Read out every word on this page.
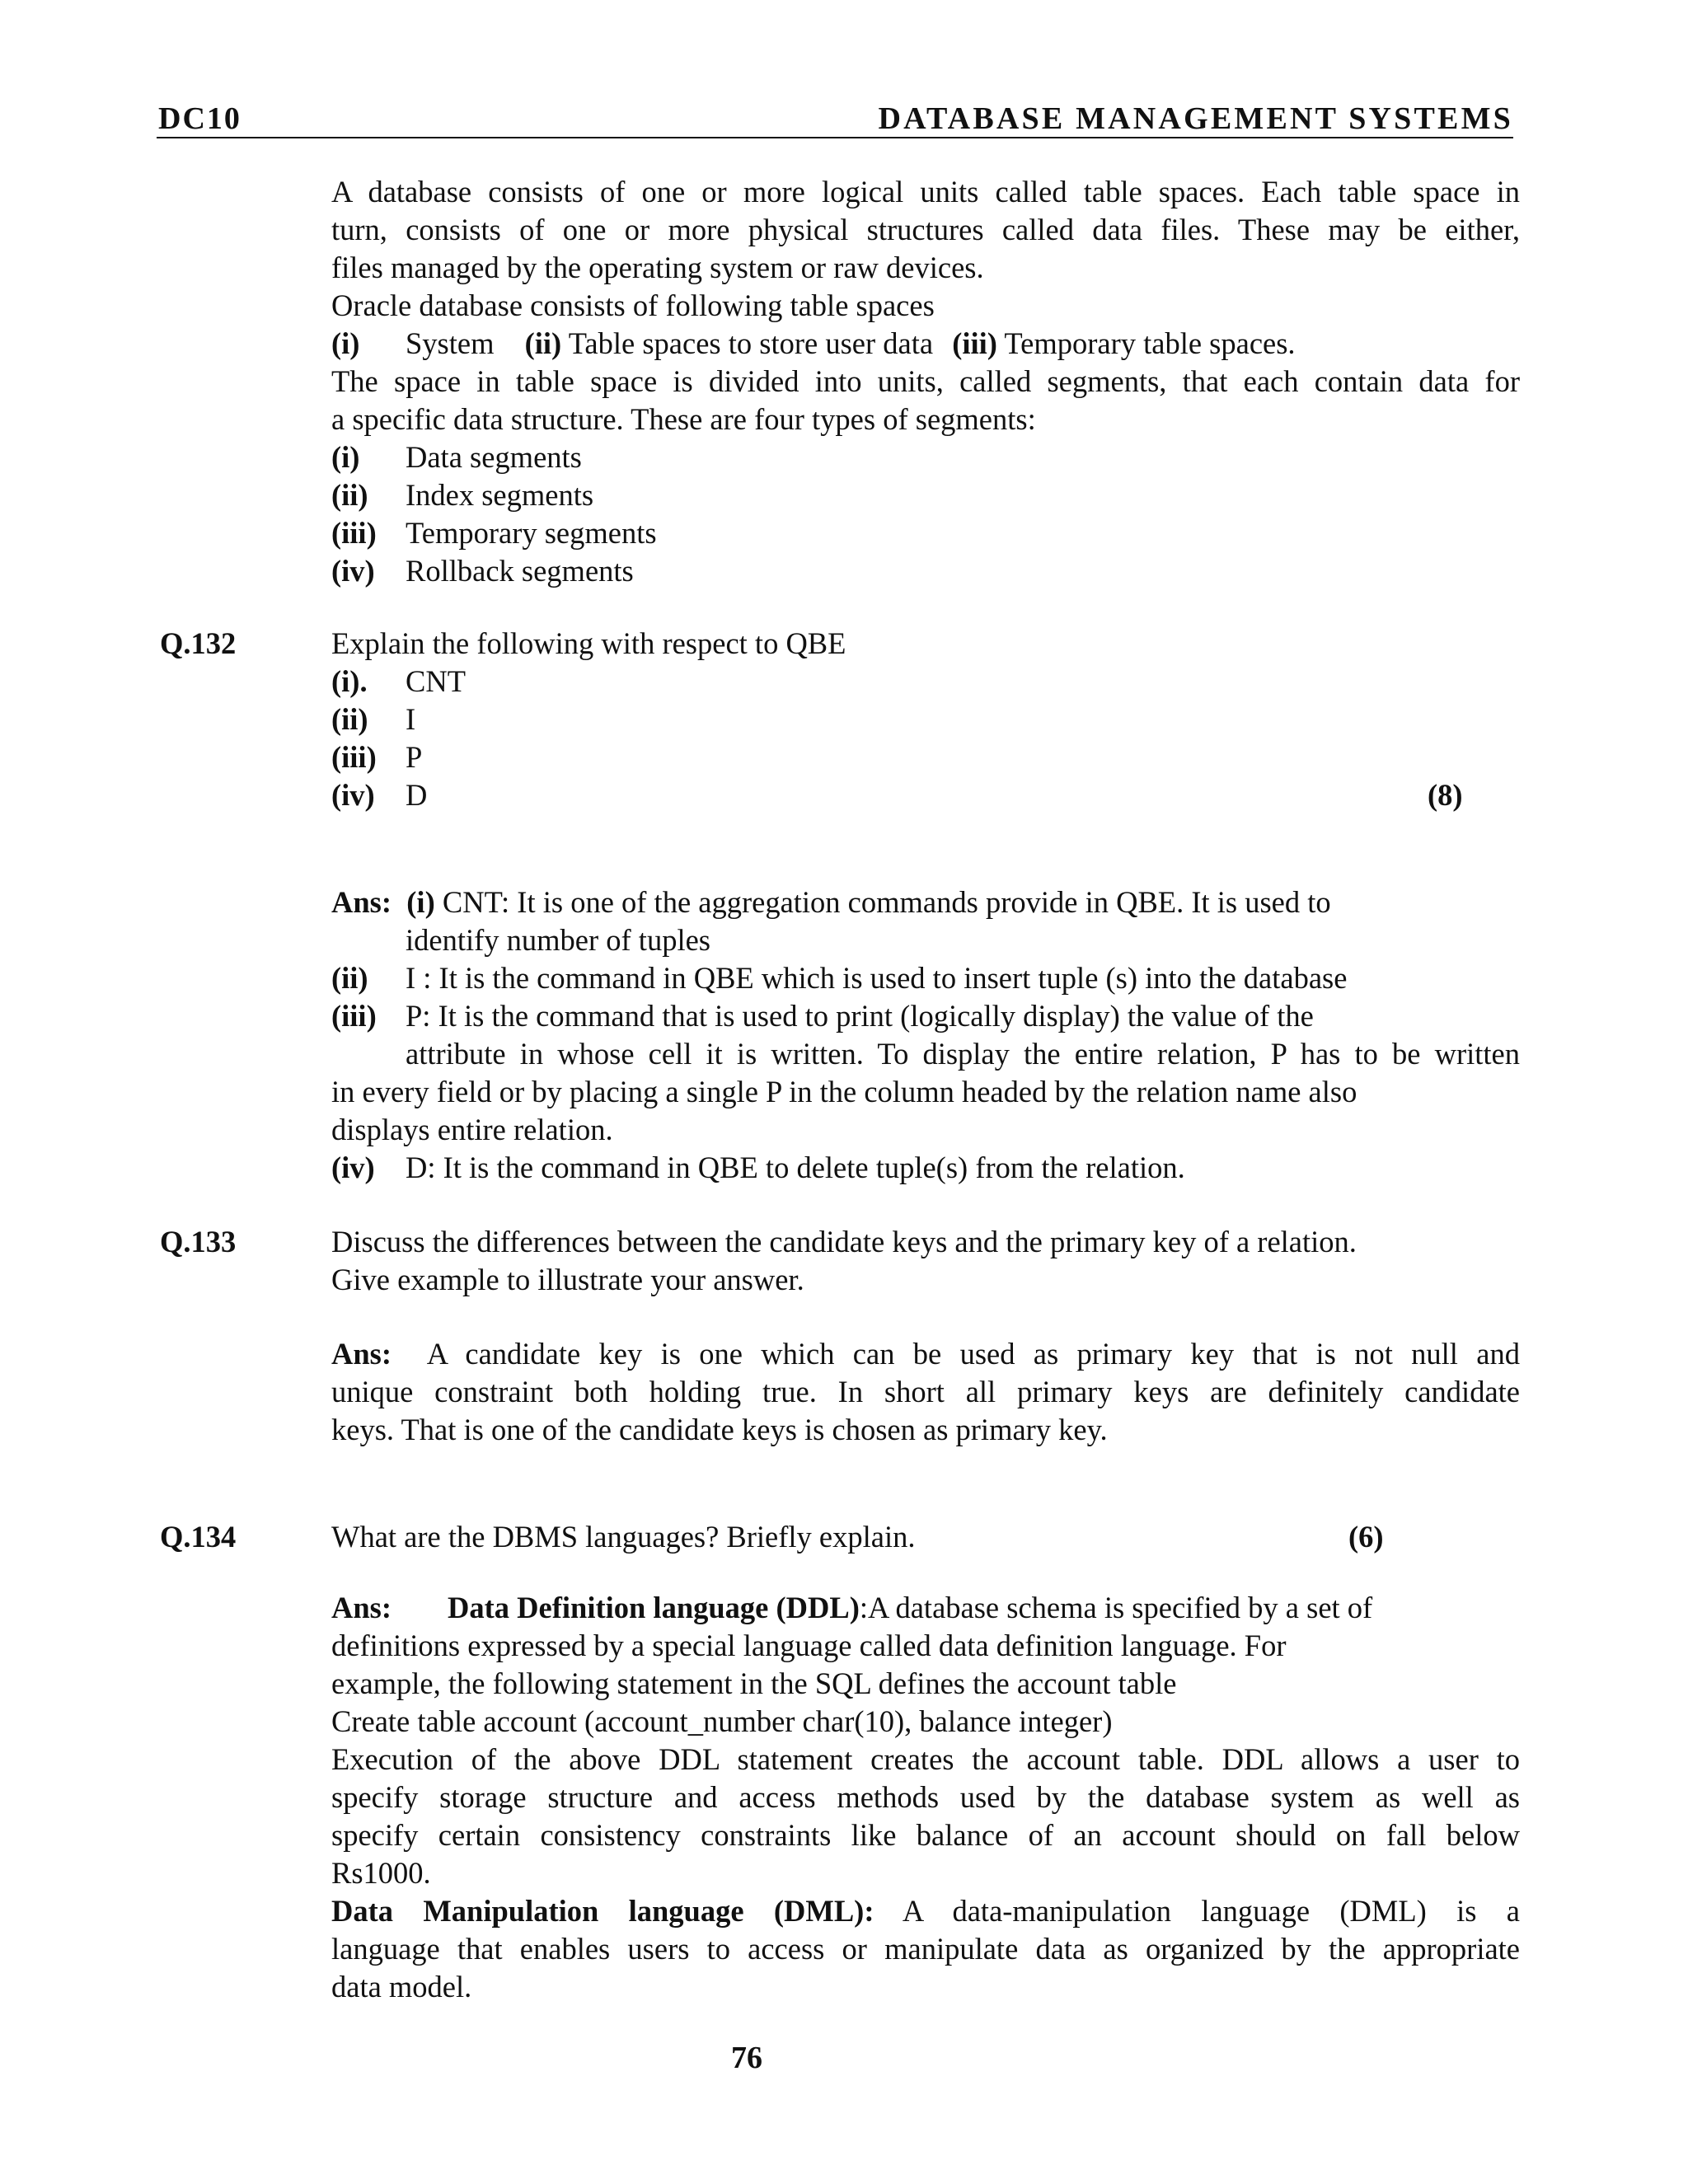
DC10	DATABASE MANAGEMENT SYSTEMS
A database consists of one or more logical units called table spaces. Each table space in
turn, consists of one or more physical structures called data files. These may be either,
files managed by the operating system or raw devices.
Oracle database consists of following table spaces
(i) System (ii) Table spaces to store user data (iii) Temporary table spaces.
The space in table space is divided into units, called segments, that each contain data for
a specific data structure. These are four types of segments:
(i) Data segments
(ii) Index segments
(iii) Temporary segments
(iv) Rollback segments
Q.132	Explain the following with respect to QBE
(i). CNT
(ii) I
(iii) P
(iv) D	(8)
Ans: (i) CNT: It is one of the aggregation commands provide in QBE. It is used to
identify number of tuples
(ii) I : It is the command in QBE which is used to insert tuple (s) into the database
(iii) P: It is the command that is used to print (logically display) the value of the
attribute in whose cell it is written. To display the entire relation, P has to be written
in every field or by placing a single P in the column headed by the relation name also
displays entire relation.
(iv) D: It is the command in QBE to delete tuple(s) from the relation.
Q.133	Discuss the differences between the candidate keys and the primary key of a relation.
Give example to illustrate your answer.
Ans: A candidate key is one which can be used as primary key that is not null and
unique constraint both holding true. In short all primary keys are definitely candidate
keys. That is one of the candidate keys is chosen as primary key.
Q.134	What are the DBMS languages? Briefly explain.	(6)
Ans: Data Definition language (DDL):A database schema is specified by a set of
definitions expressed by a special language called data definition language. For
example, the following statement in the SQL defines the account table
Create table account (account_number char(10), balance integer)
Execution of the above DDL statement creates the account table. DDL allows a user to
specify storage structure and access methods used by the database system as well as
specify certain consistency constraints like balance of an account should on fall below
Rs1000.
Data Manipulation language (DML): A data-manipulation language (DML) is a
language that enables users to access or manipulate data as organized by the appropriate
data model.
76
